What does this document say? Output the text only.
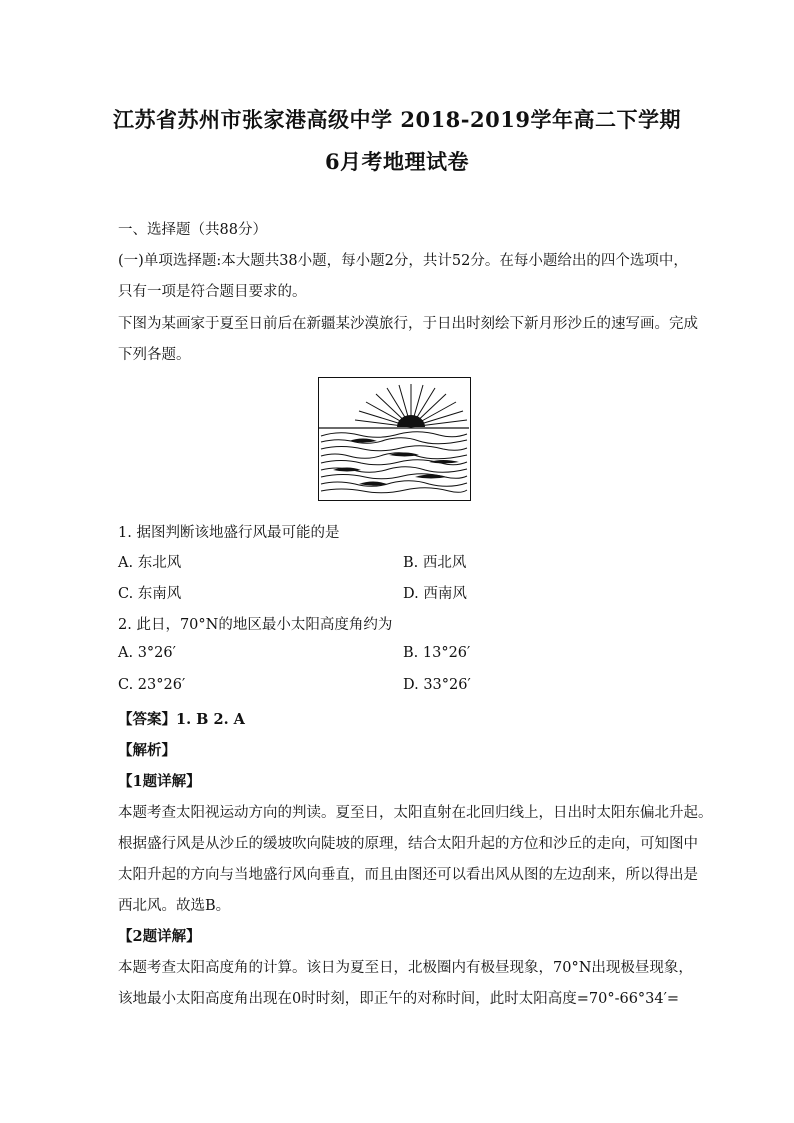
江苏省苏州市张家港高级中学 2018-2019学年高二下学期
6月考地理试卷
一、选择题（共88分）
(一)单项选择题:本大题共38小题，每小题2分，共计52分。在每小题给出的四个选项中，
只有一项是符合题目要求的。
下图为某画家于夏至日前后在新疆某沙漠旅行，于日出时刻绘下新月形沙丘的速写画。完成
下列各题。
1. 据图判断该地盛行风最可能的是
A. 东北风	B. 西北风
C. 东南风	D. 西南风
2. 此日，70°N的地区最小太阳高度角约为
A. 3°26′	B. 13°26′
C. 23°26′	D. 33°26′
【答案】1. B 2. A
【解析】
【1题详解】
本题考查太阳视运动方向的判读。夏至日，太阳直射在北回归线上，日出时太阳东偏北升起。
根据盛行风是从沙丘的缓坡吹向陡坡的原理，结合太阳升起的方位和沙丘的走向，可知图中
太阳升起的方向与当地盛行风向垂直，而且由图还可以看出风从图的左边刮来，所以得出是
西北风。故选B。
【2题详解】
本题考查太阳高度角的计算。该日为夏至日，北极圈内有极昼现象，70°N出现极昼现象，
该地最小太阳高度角出现在0时时刻，即正午的对称时间，此时太阳高度=70°-66°34′=
